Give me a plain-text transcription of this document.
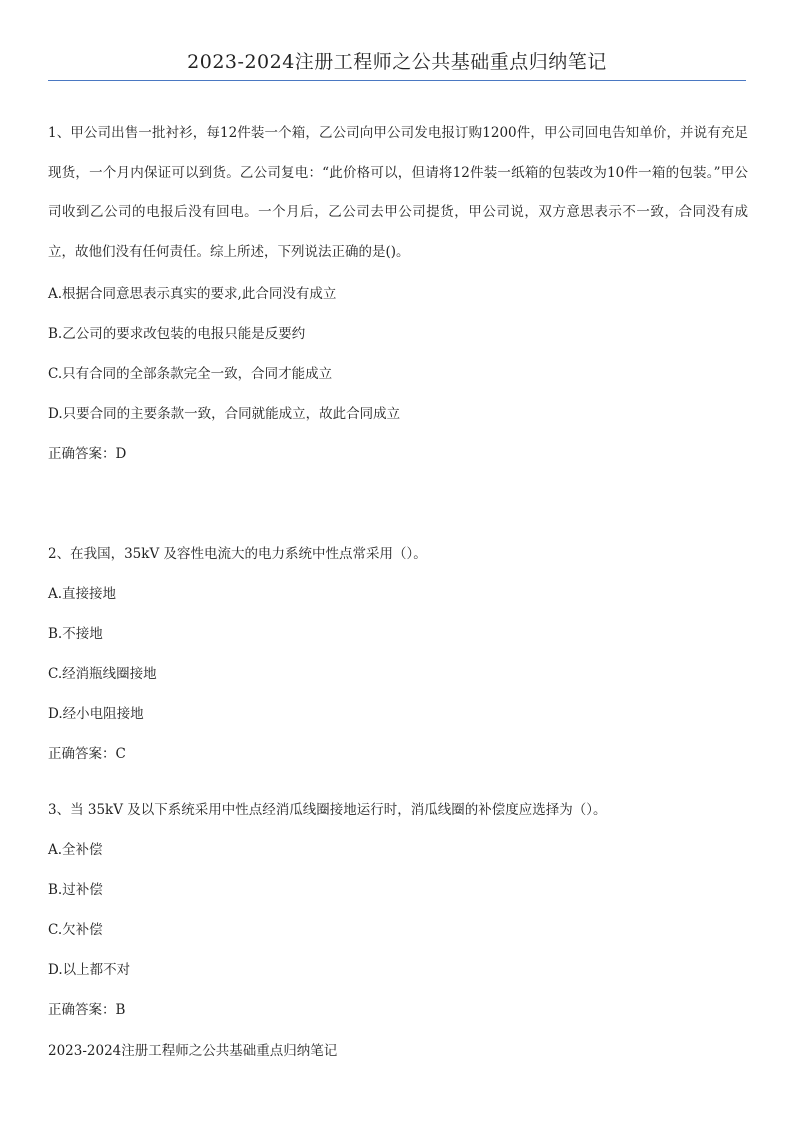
2023-2024注册工程师之公共基础重点归纳笔记

1、甲公司出售一批衬衫，每12件装一个箱，乙公司向甲公司发电报订购1200件，甲公司回电告知单价，并说有充足现货，一个月内保证可以到货。乙公司复电：“此价格可以，但请将12件装一纸箱的包装改为10件一箱的包装。”甲公司收到乙公司的电报后没有回电。一个月后，乙公司去甲公司提货，甲公司说，双方意思表示不一致，合同没有成立，故他们没有任何责任。综上所述，下列说法正确的是()。

A.根据合同意思表示真实的要求,此合同没有成立
B.乙公司的要求改包装的电报只能是反要约
C.只有合同的全部条款完全一致，合同才能成立
D.只要合同的主要条款一致，合同就能成立，故此合同成立
正确答案：D
2、在我国，35kV 及容性电流大的电力系统中性点常采用（）。
A.直接接地
B.不接地
C.经消瓶线圈接地
D.经小电阻接地
正确答案：C
3、当 35kV 及以下系统采用中性点经消瓜线圈接地运行时，消瓜线圈的补偿度应选择为（）。
A.全补偿
B.过补偿
C.欠补偿
D.以上都不对
正确答案：B
2023-2024注册工程师之公共基础重点归纳笔记
